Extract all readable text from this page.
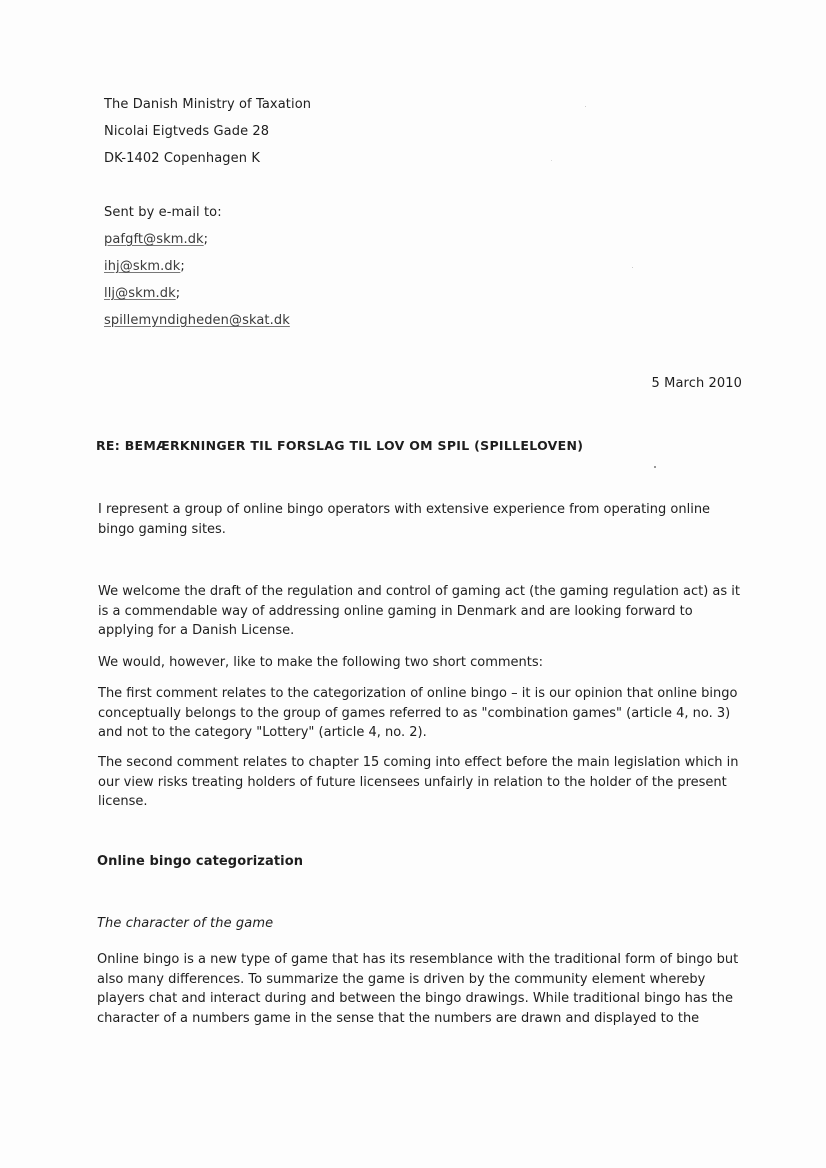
The Danish Ministry of Taxation
Nicolai Eigtveds Gade 28
DK-1402 Copenhagen K
Sent by e-mail to:
pafgft@skm.dk;
ihj@skm.dk;
llj@skm.dk;
spillemyndigheden@skat.dk
5 March 2010
RE: BEMÆRKNINGER TIL FORSLAG TIL LOV OM SPIL (SPILLELOVEN)
I represent a group of online bingo operators with extensive experience from operating online
bingo gaming sites.
We welcome the draft of the regulation and control of gaming act (the gaming regulation act) as it
is a commendable way of addressing online gaming in Denmark and are looking forward to
applying for a Danish License.
We would, however, like to make the following two short comments:
The first comment relates to the categorization of online bingo – it is our opinion that online bingo
conceptually belongs to the group of games referred to as "combination games" (article 4, no. 3)
and not to the category "Lottery" (article 4, no. 2).
The second comment relates to chapter 15 coming into effect before the main legislation which in
our view risks treating holders of future licensees unfairly in relation to the holder of the present
license.
Online bingo categorization
The character of the game
Online bingo is a new type of game that has its resemblance with the traditional form of bingo but
also many differences. To summarize the game is driven by the community element whereby
players chat and interact during and between the bingo drawings. While traditional bingo has the
character of a numbers game in the sense that the numbers are drawn and displayed to the
